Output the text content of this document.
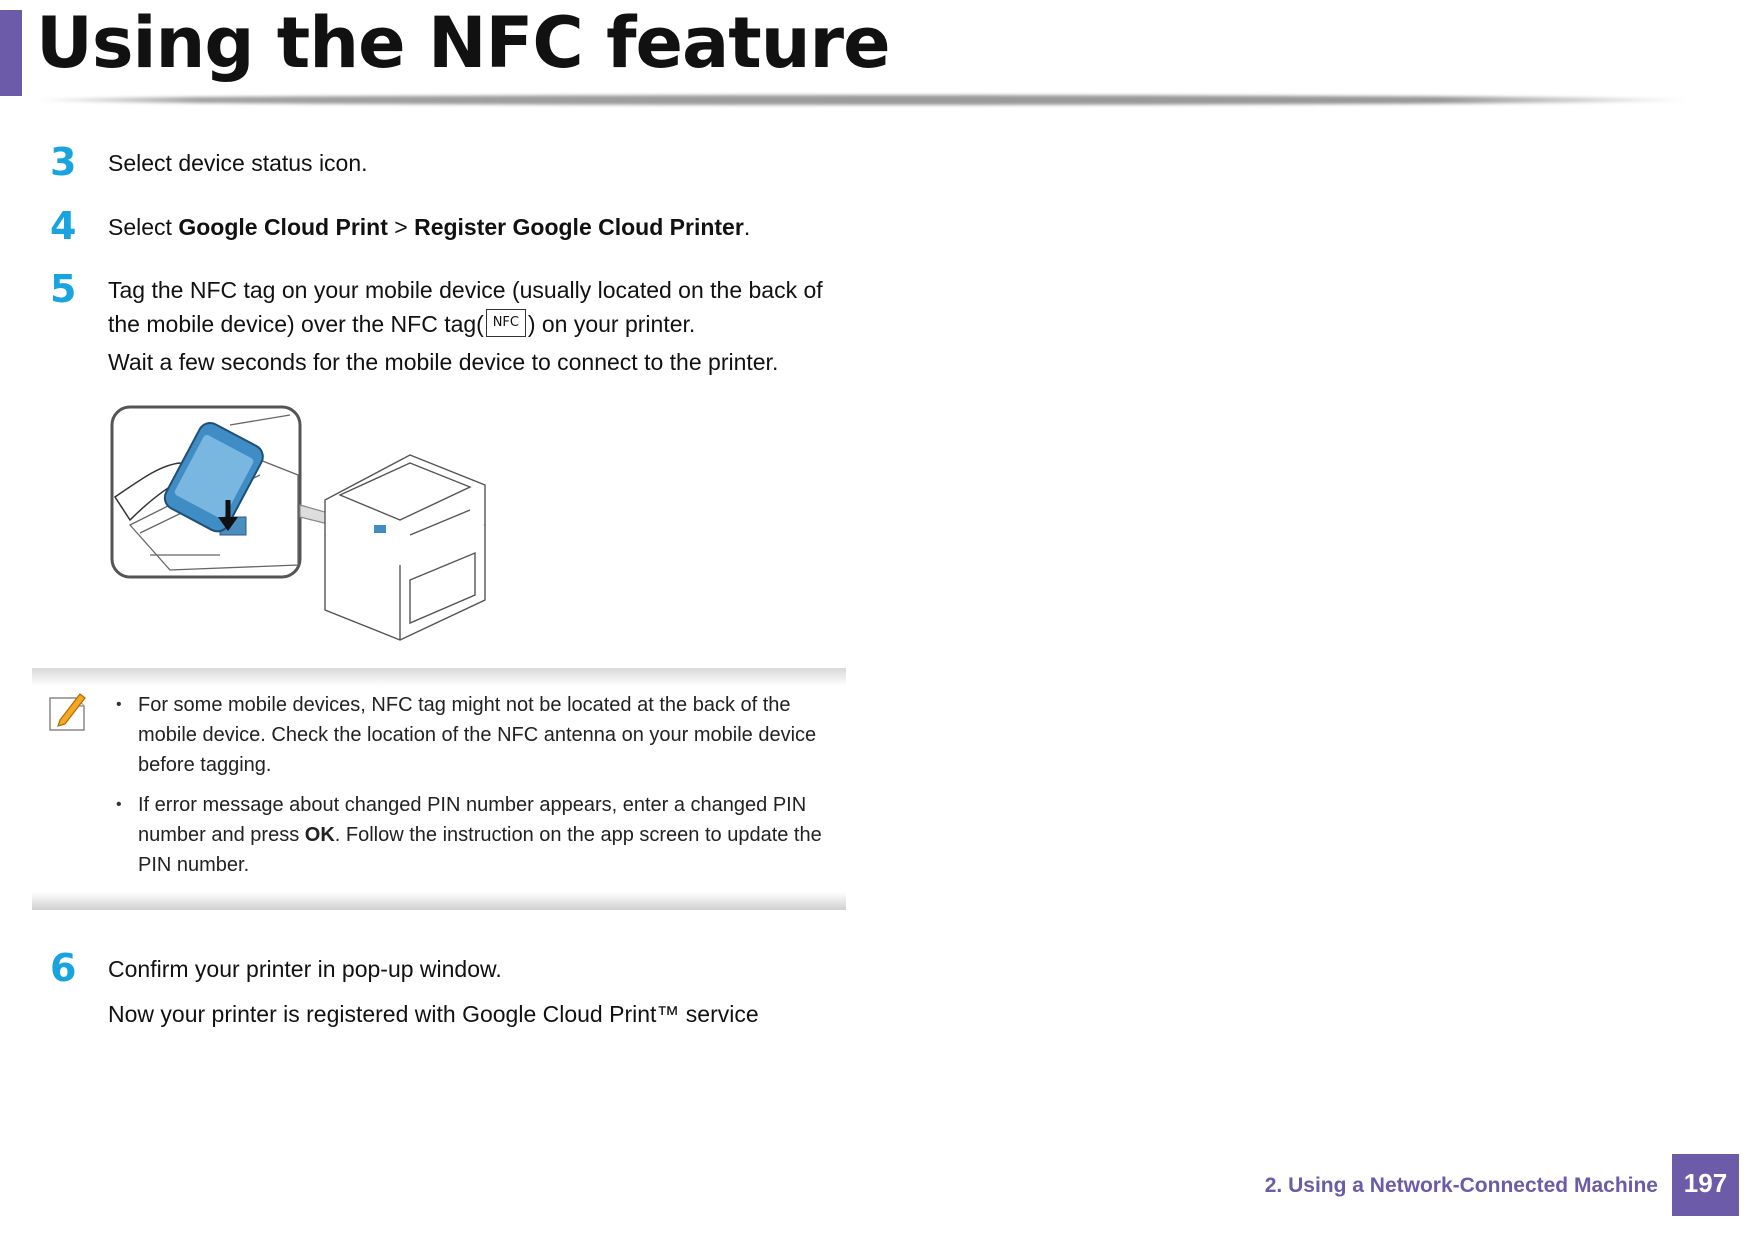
Using the NFC feature
3	Select device status icon.
4	Select Google Cloud Print > Register Google Cloud Printer.
5	Tag the NFC tag on your mobile device (usually located on the back of
the mobile device) over the NFC tag( NFC ) on your printer.
Wait a few seconds for the mobile device to connect to the printer.
• For some mobile devices, NFC tag might not be located at the back of the mobile device. Check the location of the NFC antenna on your mobile device before tagging.
• If error message about changed PIN number appears, enter a changed PIN number and press OK. Follow the instruction on the app screen to update the PIN number.
6	Confirm your printer in pop-up window.
Now your printer is registered with Google Cloud Print™ service
2. Using a Network-Connected Machine 197
